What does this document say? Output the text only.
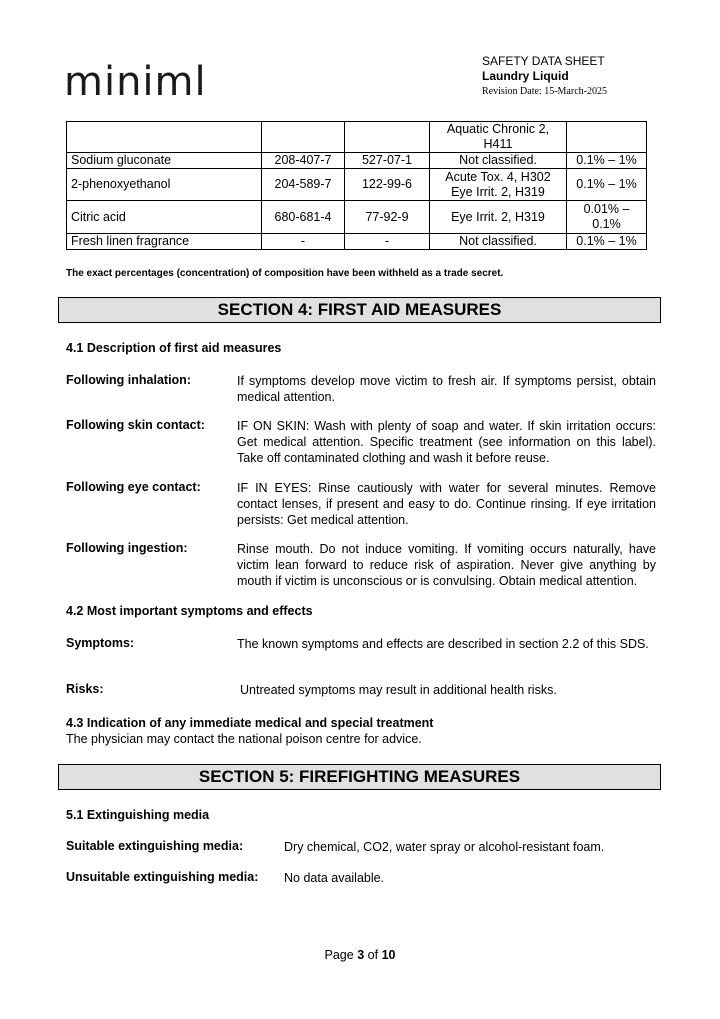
miniml	SAFETY DATA SHEET
Laundry Liquid
Revision Date: 15-March-2025
			Aquatic Chronic 2, H411	
Sodium gluconate	208-407-7	527-07-1	Not classified.	0.1% – 1%
2-phenoxyethanol	204-589-7	122-99-6	Acute Tox. 4, H302 Eye Irrit. 2, H319	0.1% – 1%
Citric acid	680-681-4	77-92-9	Eye Irrit. 2, H319	0.01% – 0.1%
Fresh linen fragrance	-	-	Not classified.	0.1% – 1%
The exact percentages (concentration) of composition have been withheld as a trade secret.
SECTION 4: FIRST AID MEASURES
4.1 Description of first aid measures
Following inhalation:	If symptoms develop move victim to fresh air. If symptoms persist, obtain medical attention.
Following skin contact:	IF ON SKIN: Wash with plenty of soap and water. If skin irritation occurs: Get medical attention. Specific treatment (see information on this label). Take off contaminated clothing and wash it before reuse.
Following eye contact:	IF IN EYES: Rinse cautiously with water for several minutes. Remove contact lenses, if present and easy to do. Continue rinsing. If eye irritation persists: Get medical attention.
Following ingestion:	Rinse mouth. Do not induce vomiting. If vomiting occurs naturally, have victim lean forward to reduce risk of aspiration. Never give anything by mouth if victim is unconscious or is convulsing. Obtain medical attention.
4.2 Most important symptoms and effects
Symptoms:	The known symptoms and effects are described in section 2.2 of this SDS.
Risks:	Untreated symptoms may result in additional health risks.
4.3 Indication of any immediate medical and special treatment
The physician may contact the national poison centre for advice.
SECTION 5: FIREFIGHTING MEASURES
5.1 Extinguishing media
Suitable extinguishing media:	Dry chemical, CO2, water spray or alcohol-resistant foam.
Unsuitable extinguishing media: No data available.
Page 3 of 10
